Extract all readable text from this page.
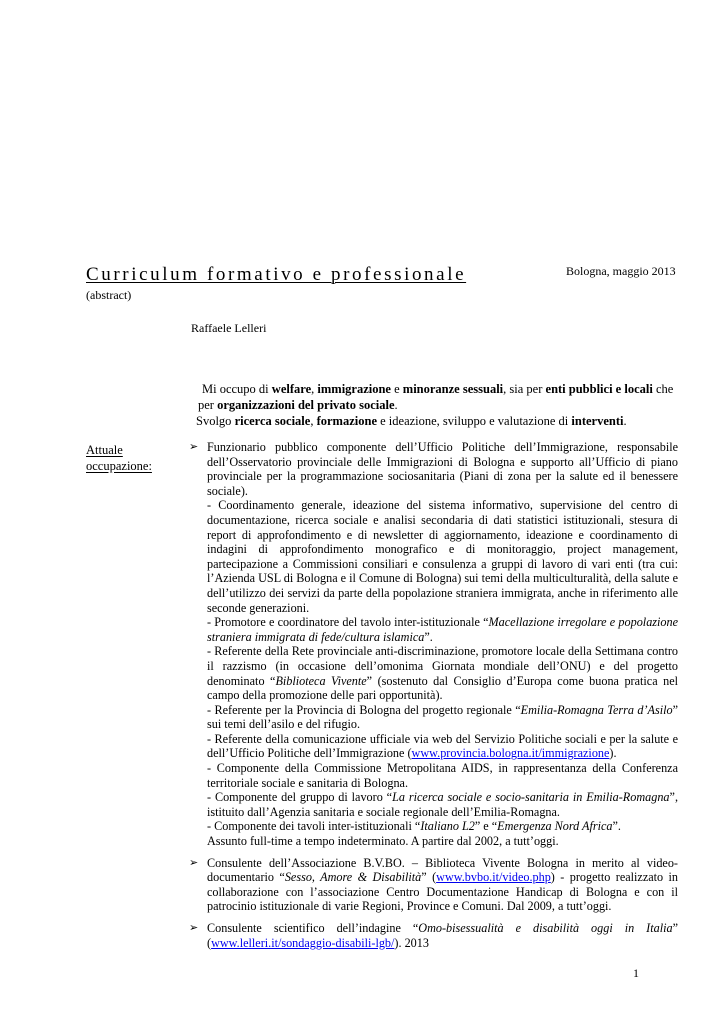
Curriculum formativo e professionale	Bologna, maggio 2013
(abstract)
Raffaele Lelleri

Mi occupo di welfare, immigrazione e minoranze sessuali, sia per enti pubblici e locali che

per organizzazioni del privato sociale.

Svolgo ricerca sociale, formazione e ideazione, sviluppo e valutazione di interventi.

Attuale occupazione:
➢ Funzionario pubblico componente dell’Ufficio Politiche dell’Immigrazione, responsabile dell’Osservatorio provinciale delle Immigrazioni di Bologna e supporto all’Ufficio di piano provinciale per la programmazione sociosanitaria (Piani di zona per la salute ed il benessere sociale).

- Coordinamento generale, ideazione del sistema informativo, supervisione del centro di documentazione, ricerca sociale e analisi secondaria di dati statistici istituzionali, stesura di report di approfondimento e di newsletter di aggiornamento, ideazione e coordinamento di indagini di approfondimento monografico e di monitoraggio, project management, partecipazione a Commissioni consiliari e consulenza a gruppi di lavoro di vari enti (tra cui: l’Azienda USL di Bologna e il Comune di Bologna) sui temi della multiculturalità, della salute e dell’utilizzo dei servizi da parte della popolazione straniera immigrata, anche in riferimento alle seconde generazioni.

- Promotore e coordinatore del tavolo inter-istituzionale “Macellazione irregolare e popolazione straniera immigrata di fede/cultura islamica”.

- Referente della Rete provinciale anti-discriminazione, promotore locale della Settimana contro il razzismo (in occasione dell’omonima Giornata mondiale dell’ONU) e del progetto denominato “Biblioteca Vivente” (sostenuto dal Consiglio d’Europa come buona pratica nel campo della promozione delle pari opportunità).

- Referente per la Provincia di Bologna del progetto regionale “Emilia-Romagna Terra d’Asilo” sui temi dell’asilo e del rifugio.

- Referente della comunicazione ufficiale via web del Servizio Politiche sociali e per la salute e dell’Ufficio Politiche dell’Immigrazione (www.provincia.bologna.it/immigrazione).

- Componente della Commissione Metropolitana AIDS, in rappresentanza della Conferenza territoriale sociale e sanitaria di Bologna.

- Componente del gruppo di lavoro “La ricerca sociale e socio-sanitaria in Emilia-Romagna”, istituito dall’Agenzia sanitaria e sociale regionale dell’Emilia-Romagna.

- Componente dei tavoli inter-istituzionali “Italiano L2” e “Emergenza Nord Africa”.

Assunto full-time a tempo indeterminato. A partire dal 2002, a tutt’oggi.

➢ Consulente dell’Associazione B.V.BO. – Biblioteca Vivente Bologna in merito al video-documentario “Sesso, Amore & Disabilità” (www.bvbo.it/video.php) - progetto realizzato in collaborazione con l’associazione Centro Documentazione Handicap di Bologna e con il patrocinio istituzionale di varie Regioni, Province e Comuni. Dal 2009, a tutt’oggi.

➢ Consulente scientifico dell’indagine “Omo-bisessualità e disabilità oggi in Italia” (www.lelleri.it/sondaggio-disabili-lgb/). 2013

1
